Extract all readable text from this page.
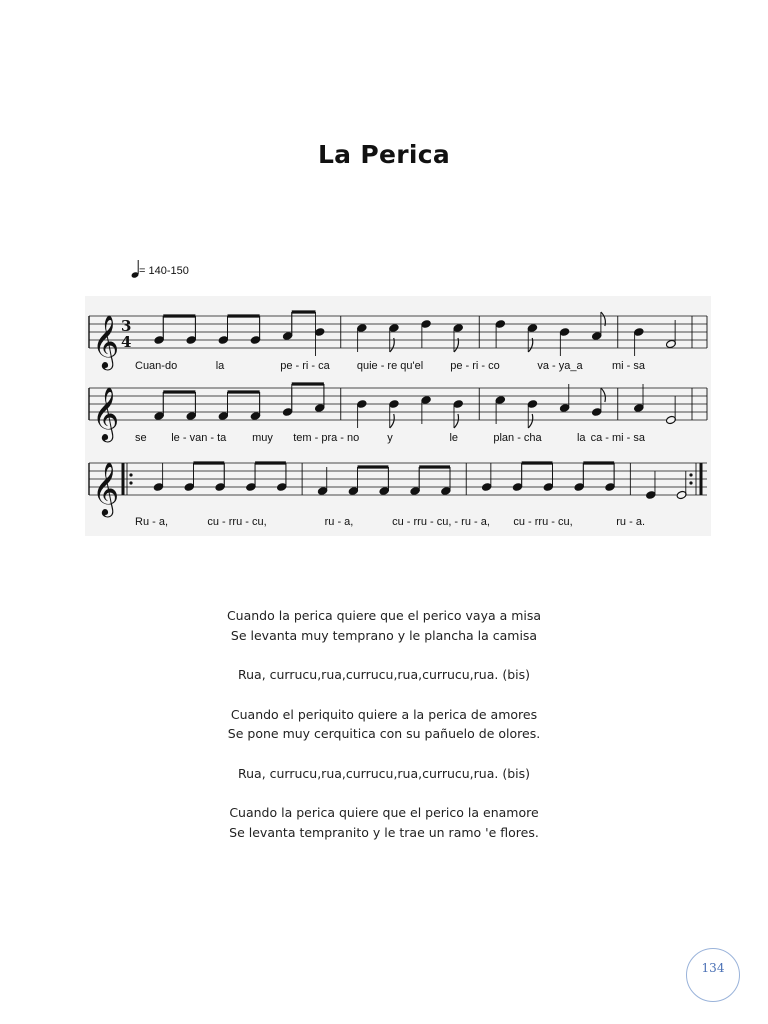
La Perica
= 140-150
𝄞 3
4
Cuan-do	la	pe - ri - ca quie - re qu'el pe - ri - co	va - ya_a	mi - sa
𝄞 se le - van - ta muy tem - pra - no	y	le	plan - cha	la ca - mi - sa
𝄞
Ru - a,	cu - rru - cu,	ru - a,	cu - rru - cu, - ru - a, cu - rru - cu,	ru - a.
Cuando la perica quiere que el perico vaya a misa
Se levanta muy temprano y le plancha la camisa
Rua, currucu,rua,currucu,rua,currucu,rua. (bis)
Cuando el periquito quiere a la perica de amores
Se pone muy cerquitica con su pañuelo de olores.
Rua, currucu,rua,currucu,rua,currucu,rua. (bis)
Cuando la perica quiere que el perico la enamore
Se levanta tempranito y le trae un ramo 'e flores.
134
